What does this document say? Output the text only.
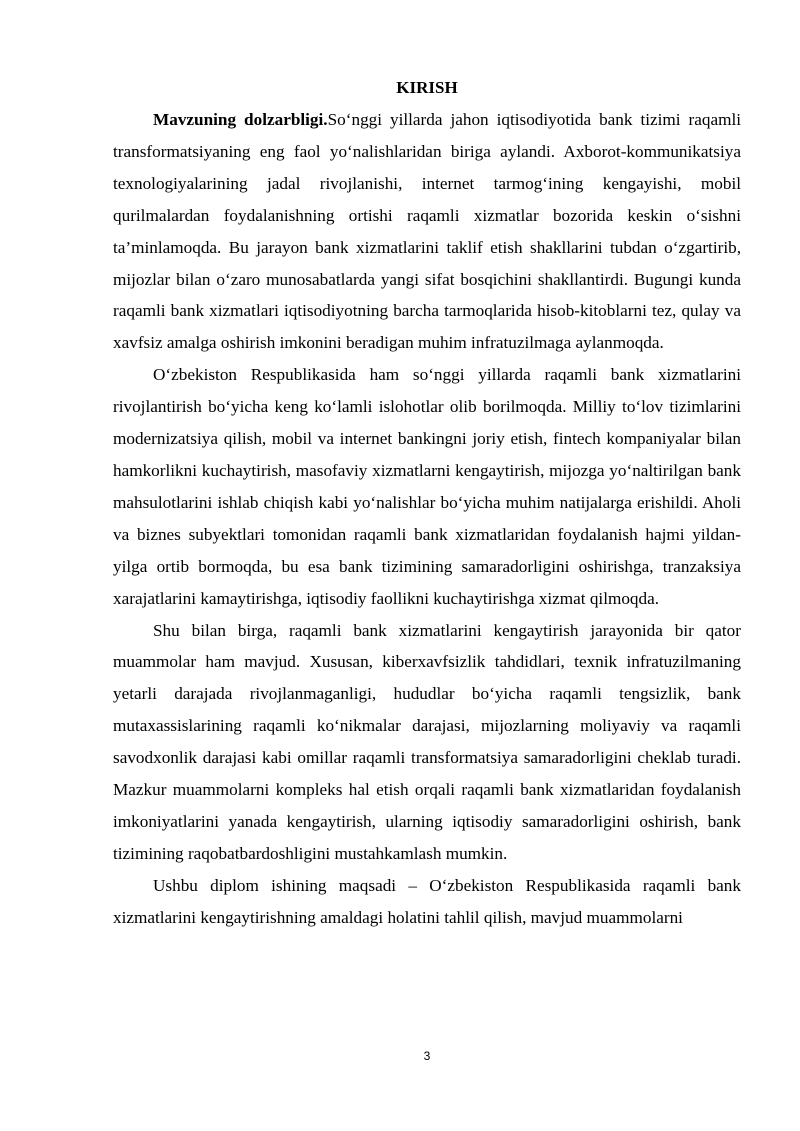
KIRISH

Mavzuning dolzarbligi.So‘nggi yillarda jahon iqtisodiyotida bank tizimi raqamli transformatsiyaning eng faol yo‘nalishlaridan biriga aylandi. Axborot-kommunikatsiya texnologiyalarining jadal rivojlanishi, internet tarmog‘ining kengayishi, mobil qurilmalardan foydalanishning ortishi raqamli xizmatlar bozorida keskin o‘sishni ta’minlamoqda. Bu jarayon bank xizmatlarini taklif etish shakllarini tubdan o‘zgartirib, mijozlar bilan o‘zaro munosabatlarda yangi sifat bosqichini shakllantirdi. Bugungi kunda raqamli bank xizmatlari iqtisodiyotning barcha tarmoqlarida hisob-kitoblarni tez, qulay va xavfsiz amalga oshirish imkonini beradigan muhim infratuzilmaga aylanmoqda.

O‘zbekiston Respublikasida ham so‘nggi yillarda raqamli bank xizmatlarini rivojlantirish bo‘yicha keng ko‘lamli islohotlar olib borilmoqda. Milliy to‘lov tizimlarini modernizatsiya qilish, mobil va internet bankingni joriy etish, fintech kompaniyalar bilan hamkorlikni kuchaytirish, masofaviy xizmatlarni kengaytirish, mijozga yo‘naltirilgan bank mahsulotlarini ishlab chiqish kabi yo‘nalishlar bo‘yicha muhim natijalarga erishildi. Aholi va biznes subyektlari tomonidan raqamli bank xizmatlaridan foydalanish hajmi yildan-yilga ortib bormoqda, bu esa bank tizimining samaradorligini oshirishga, tranzaksiya xarajatlarini kamaytirishga, iqtisodiy faollikni kuchaytirishga xizmat qilmoqda.

Shu bilan birga, raqamli bank xizmatlarini kengaytirish jarayonida bir qator muammolar ham mavjud. Xususan, kiberxavfsizlik tahdidlari, texnik infratuzilmaning yetarli darajada rivojlanmaganligi, hududlar bo‘yicha raqamli tengsizlik, bank mutaxassislarining raqamli ko‘nikmalar darajasi, mijozlarning moliyaviy va raqamli savodxonlik darajasi kabi omillar raqamli transformatsiya samaradorligini cheklab turadi. Mazkur muammolarni kompleks hal etish orqali raqamli bank xizmatlaridan foydalanish imkoniyatlarini yanada kengaytirish, ularning iqtisodiy samaradorligini oshirish, bank tizimining raqobatbardoshligini mustahkamlash mumkin.

Ushbu diplom ishining maqsadi – O‘zbekiston Respublikasida raqamli bank xizmatlarini kengaytirishning amaldagi holatini tahlil qilish, mavjud muammolarni

3
